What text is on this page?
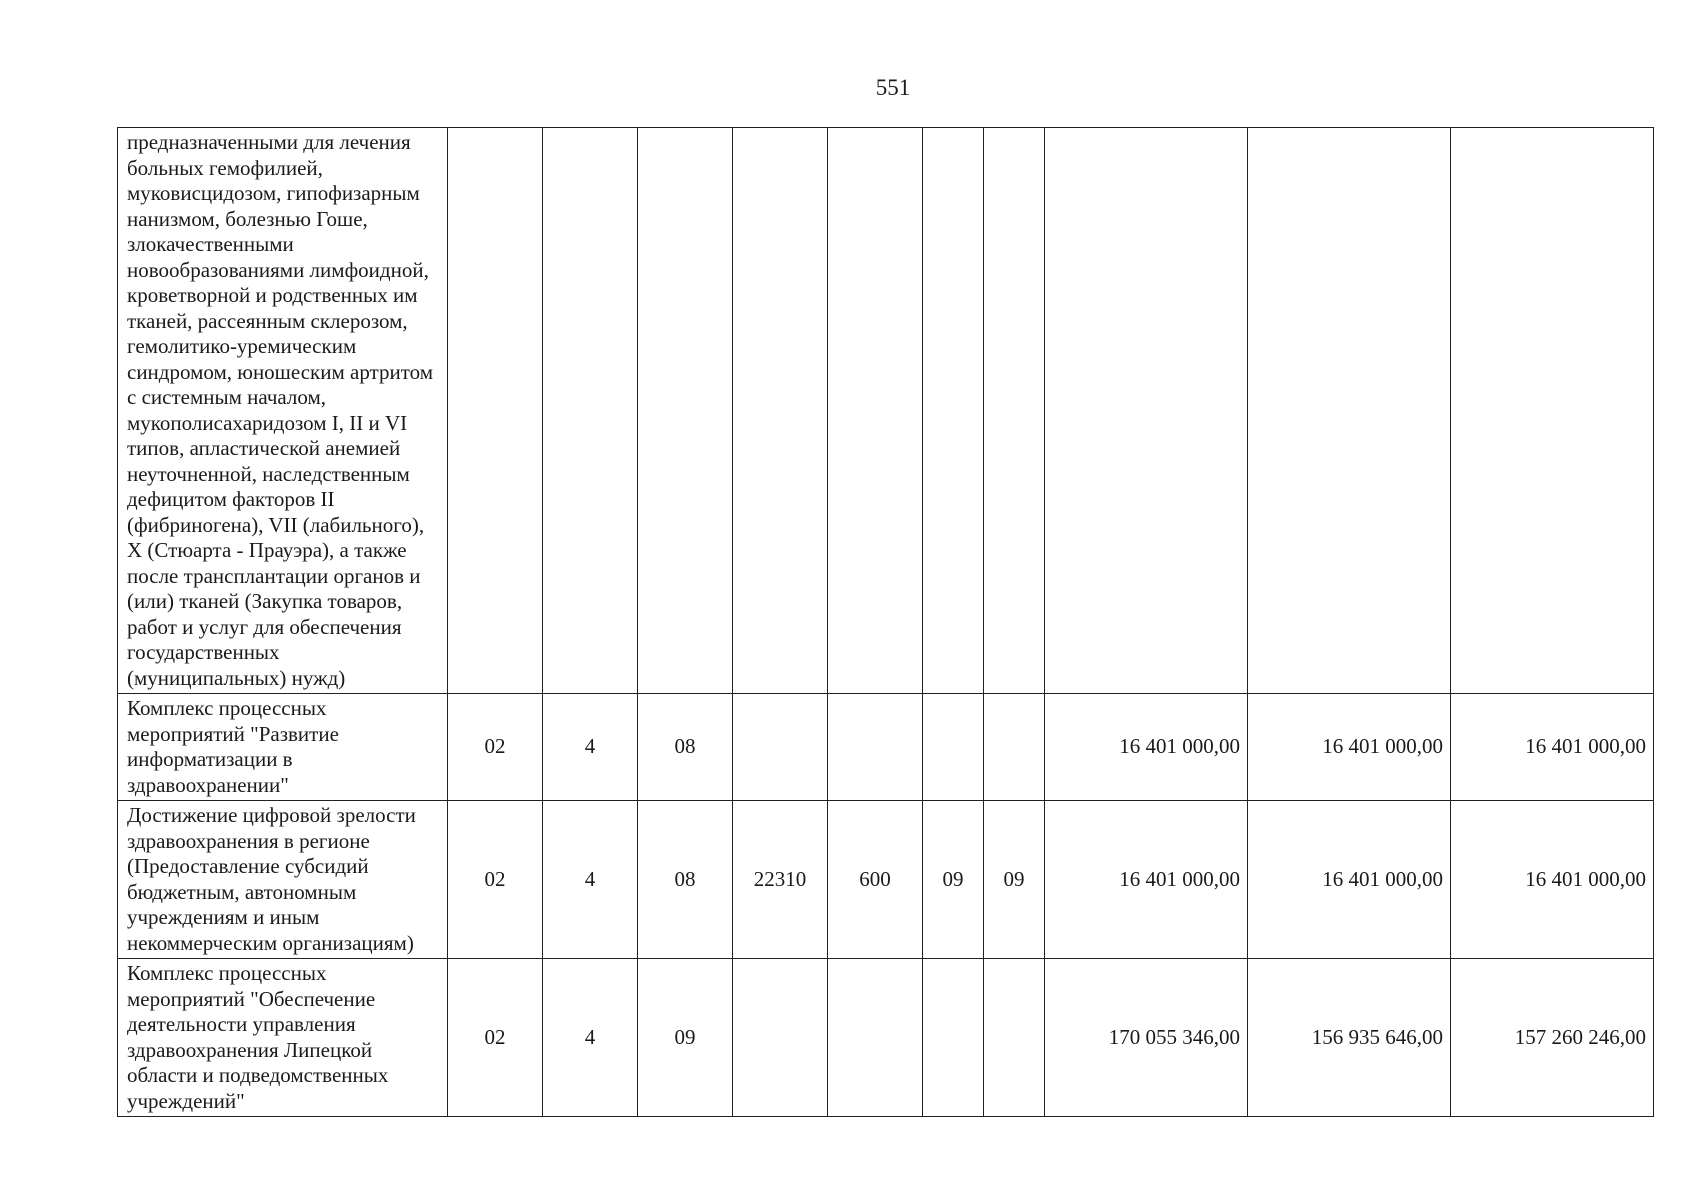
551
предназначенными для лечения больных гемофилией, муковисцидозом, гипофизарным нанизмом, болезнью Гоше, злокачественными новообразованиями лимфоидной, кроветворной и родственных им тканей, рассеянным склерозом, гемолитико-уремическим синдромом, юношеским артритом с системным началом, мукополисахаридозом I, II и VI типов, апластической анемией неуточненной, наследственным дефицитом факторов II (фибриногена), VII (лабильного), X (Стюарта - Прауэра), а также после трансплантации органов и (или) тканей (Закупка товаров, работ и услуг для обеспечения государственных (муниципальных) нужд)										
Комплекс процессных мероприятий "Развитие информатизации в здравоохранении"	02	4	08					16 401 000,00	16 401 000,00	16 401 000,00
Достижение цифровой зрелости здравоохранения в регионе (Предоставление субсидий бюджетным, автономным учреждениям и иным некоммерческим организациям)	02	4	08	22310	600	09	09	16 401 000,00	16 401 000,00	16 401 000,00
Комплекс процессных мероприятий "Обеспечение деятельности управления здравоохранения Липецкой области и подведомственных учреждений"	02	4	09					170 055 346,00	156 935 646,00	157 260 246,00
